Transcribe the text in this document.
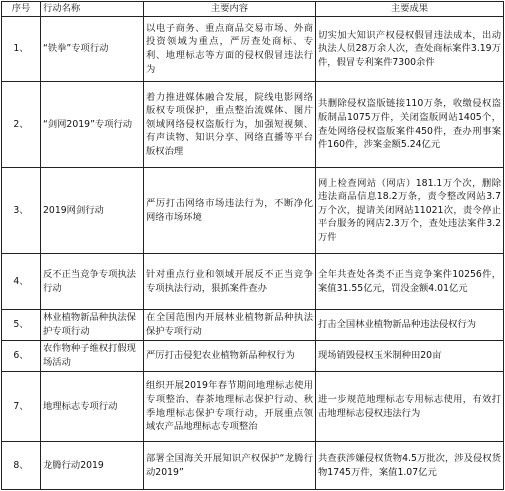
序号	行动名称	主要内容	主要成果
1、	“铁拳”专项行动	以电子商务、重点商品交易市场、外商投资领域为重点，严厉查处商标、专利、地理标志等方面的侵权假冒违法行为	切实加大知识产权侵权假冒违法成本，出动执法人员28万余人次，查处商标案件3.19万件，假冒专利案件7300余件
2、	“剑网2019”专项行动	着力推进媒体融合发展，院线电影网络版权专项保护，重点整治流媒体、图片领域网络侵权盗版行为，加强短视频、有声读物、知识分享、网络直播等平台版权治理	共删除侵权盗版链接110万条，收缴侵权盗版制品1075万件，关闭盗版网站1405个，查处网络侵权盗版案件450件，查办刑事案件160件，涉案金额5.24亿元
3、	2019网剑行动	严厉打击网络市场违法行为，不断净化网络市场环境	网上检查网站（网店）181.1万个次，删除违法商品信息18.2万条，责令整改网站3.7万个次，提请关闭网站11021次，责令停止平台服务的网店2.3万个，查处违法案件3.2万件
4、	反不正当竞争专项执法行动	针对重点行业和领域开展反不正当竞争专项执法行动，狠抓案件查办	全年共查处各类不正当竞争案件10256件，案值31.55亿元，罚没金额4.01亿元
5、	林业植物新品种执法保护专项行动	在全国范围内开展林业植物新品种执法保护专项行动	打击全国林业植物新品种违法侵权行为
6、	农作物种子维权打假现场活动	严厉打击侵犯农业植物新品种权行为	现场销毁侵权玉米制种田20亩
7、	地理标志专项行动	组织开展2019年春节期间地理标志使用专项整治、春茶地理标志保护行动、秋季地理标志保护专项行动，开展重点领域农产品地理标志专项整治	进一步规范地理标志专用标志使用，有效打击地理标志侵权违法行为
8、	龙腾行动2019	部署全国海关开展知识产权保护“龙腾行动2019”	共查获涉嫌侵权货物4.5万批次，涉及侵权货物1745万件，案值1.07亿元
